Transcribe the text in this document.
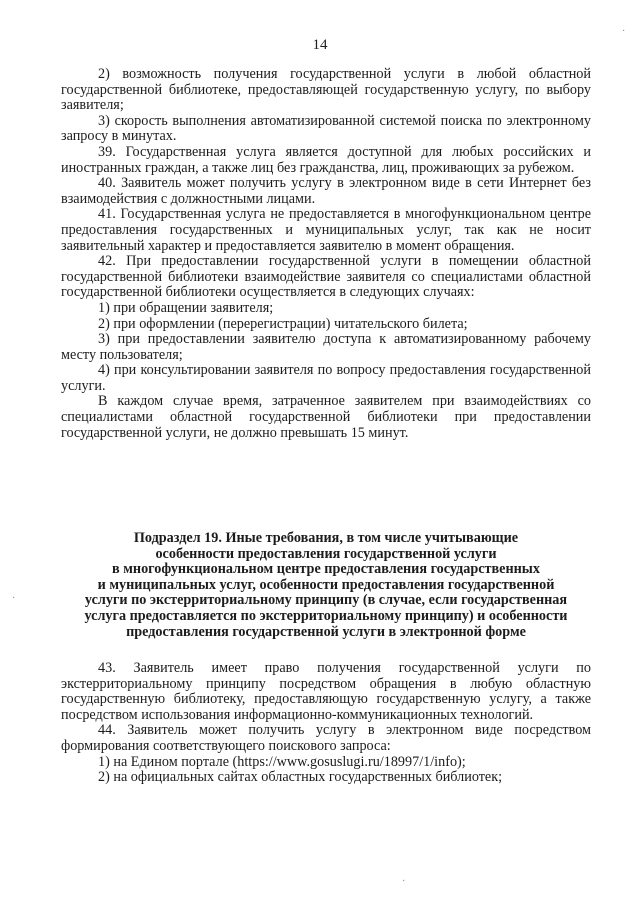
14

2) возможность получения государственной услуги в любой областной государственной библиотеке, предоставляющей государственную услугу, по выбору заявителя;

3) скорость выполнения автоматизированной системой поиска по электронному запросу в минутах.

39. Государственная услуга является доступной для любых российских и иностранных граждан, а также лиц без гражданства, лиц, проживающих за рубежом.

40. Заявитель может получить услугу в электронном виде в сети Интернет без взаимодействия с должностными лицами.

41. Государственная услуга не предоставляется в многофункциональном центре предоставления государственных и муниципальных услуг, так как не носит заявительный характер и предоставляется заявителю в момент обращения.

42. При предоставлении государственной услуги в помещении областной государственной библиотеки взаимодействие заявителя со специалистами областной государственной библиотеки осуществляется в следующих случаях:

1) при обращении заявителя;

2) при оформлении (перерегистрации) читательского билета;

3) при предоставлении заявителю доступа к автоматизированному рабочему месту пользователя;

4) при консультировании заявителя по вопросу предоставления государственной услуги.

В каждом случае время, затраченное заявителем при взаимодействиях со специалистами областной государственной библиотеки при предоставлении государственной услуги, не должно превышать 15 минут.

Подраздел 19. Иные требования, в том числе учитывающие
особенности предоставления государственной услуги
в многофункциональном центре предоставления государственных
и муниципальных услуг, особенности предоставления государственной
услуги по экстерриториальному принципу (в случае, если государственная
услуга предоставляется по экстерриториальному принципу) и особенности
предоставления государственной услуги в электронной форме

43. Заявитель имеет право получения государственной услуги по экстерриториальному принципу посредством обращения в любую областную государственную библиотеку, предоставляющую государственную услугу, а также посредством использования информационно-коммуникационных технологий.

44. Заявитель может получить услугу в электронном виде посредством формирования соответствующего поискового запроса:

1) на Едином портале (https://www.gosuslugi.ru/18997/1/info);

2) на официальных сайтах областных государственных библиотек;

·
·
·
